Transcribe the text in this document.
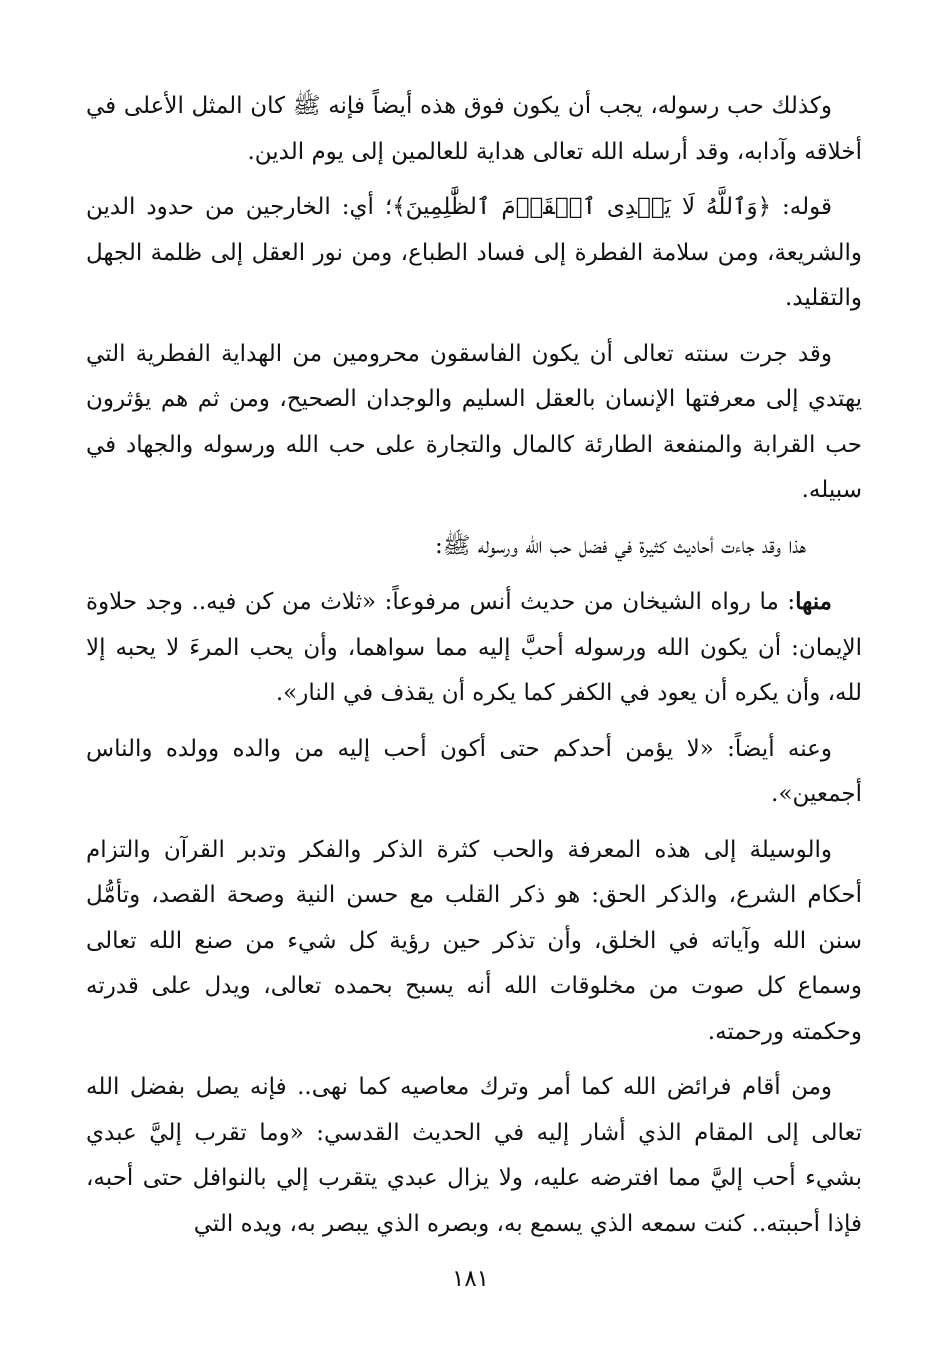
وكذلك حب رسوله، يجب أن يكون فوق هذه أيضاً فإنه ﷺ كان المثل الأعلى في أخلاقه وآدابه، وقد أرسله الله تعالى هداية للعالمين إلى يوم الدين.

قوله: ﴿وَٱللَّهُ لَا يَهۡدِى ٱلۡقَوۡمَ ٱلظَّٰلِمِينَ﴾؛ أي: الخارجين من حدود الدين والشريعة، ومن سلامة الفطرة إلى فساد الطباع، ومن نور العقل إلى ظلمة الجهل والتقليد.

وقد جرت سنته تعالى أن يكون الفاسقون محرومين من الهداية الفطرية التي يهتدي إلى معرفتها الإنسان بالعقل السليم والوجدان الصحيح، ومن ثم هم يؤثرون حب القرابة والمنفعة الطارئة كالمال والتجارة على حب الله ورسوله والجهاد في سبيله.

هذا وقد جاءت أحاديث كثيرة في فضل حب الله ورسوله ﷺ:

منها: ما رواه الشيخان من حديث أنس مرفوعاً: «ثلاث من كن فيه.. وجد حلاوة الإيمان: أن يكون الله ورسوله أحبَّ إليه مما سواهما، وأن يحب المرءَ لا يحبه إلا لله، وأن يكره أن يعود في الكفر كما يكره أن يقذف في النار».

وعنه أيضاً: «لا يؤمن أحدكم حتى أكون أحب إليه من والده وولده والناس أجمعين».

والوسيلة إلى هذه المعرفة والحب كثرة الذكر والفكر وتدبر القرآن والتزام أحكام الشرع، والذكر الحق: هو ذكر القلب مع حسن النية وصحة القصد، وتأمُّل سنن الله وآياته في الخلق، وأن تذكر حين رؤية كل شيء من صنع الله تعالى وسماع كل صوت من مخلوقات الله أنه يسبح بحمده تعالى، ويدل على قدرته وحكمته ورحمته.

ومن أقام فرائض الله كما أمر وترك معاصيه كما نهى.. فإنه يصل بفضل الله تعالى إلى المقام الذي أشار إليه في الحديث القدسي: «وما تقرب إليَّ عبدي بشيء أحب إليَّ مما افترضه عليه، ولا يزال عبدي يتقرب إلي بالنوافل حتى أحبه، فإذا أحببته.. كنت سمعه الذي يسمع به، وبصره الذي يبصر به، ويده التي

١٨١
